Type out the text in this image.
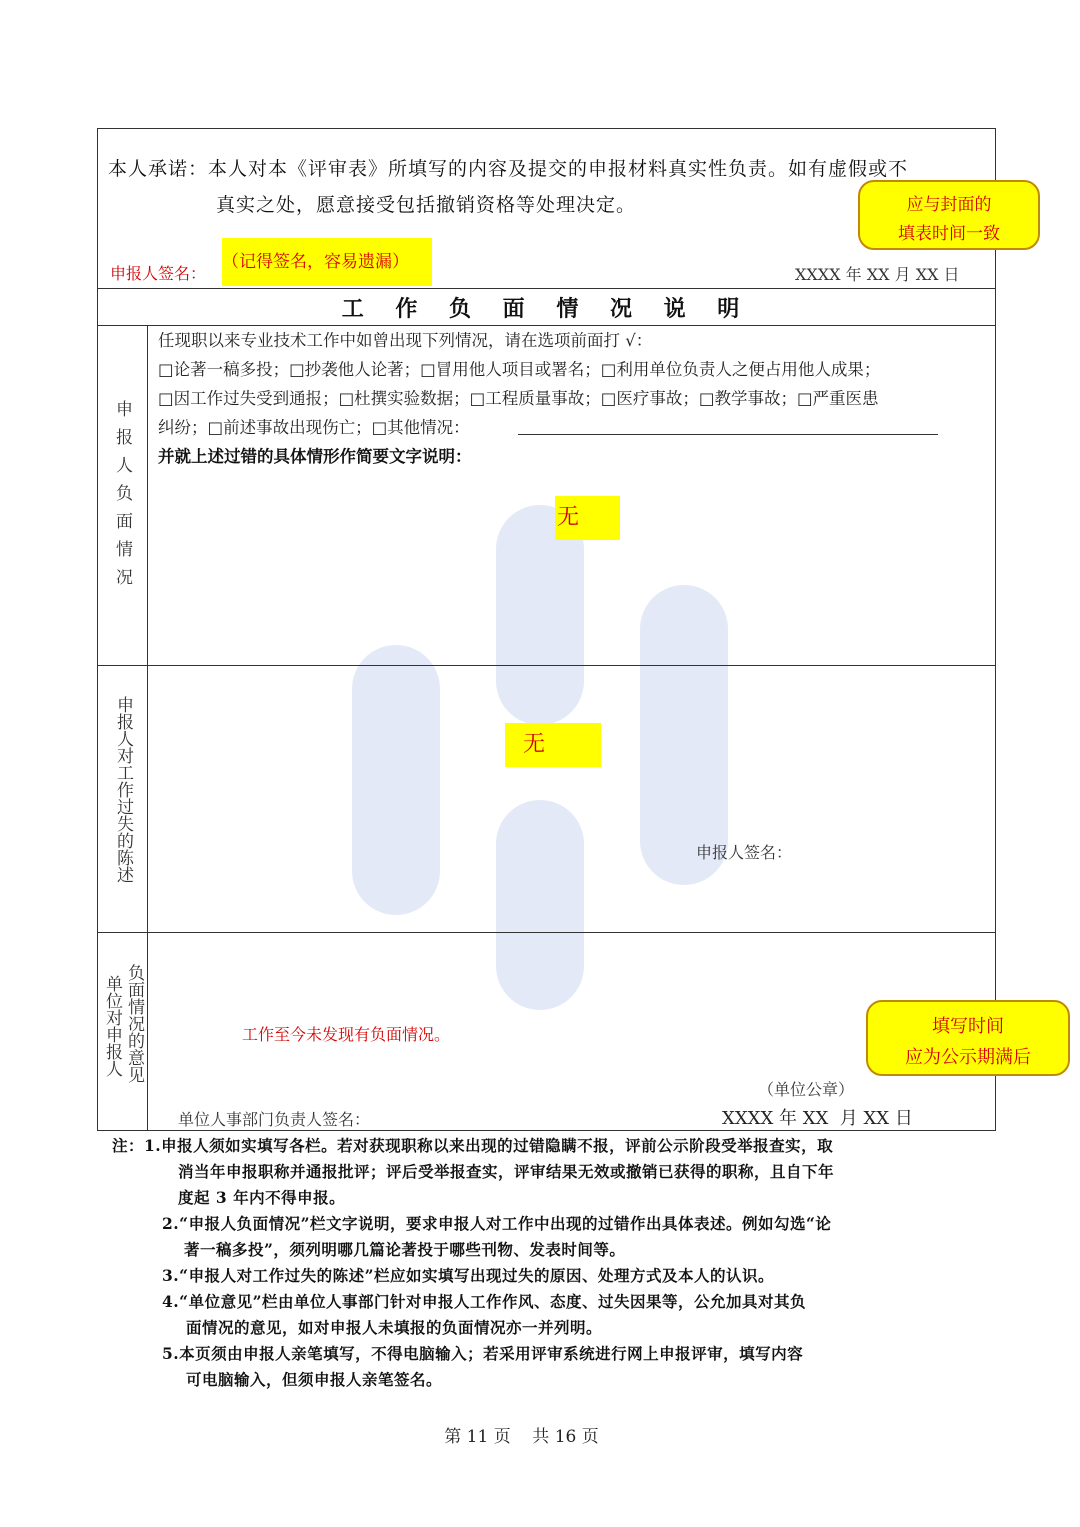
本人承诺：本人对本《评审表》所填写的内容及提交的申报材料真实性负责。如有虚假或不
真实之处，愿意接受包括撤销资格等处理决定。
申报人签名：
（记得签名，容易遗漏）
XXXX 年 XX 月 XX 日
应与封面的
填表时间一致
工 作 负 面 情 况 说 明
申报人负面情况
任现职以来专业技术工作中如曾出现下列情况，请在选项前面打 √：
□论著一稿多投；□抄袭他人论著；□冒用他人项目或署名；□利用单位负责人之便占用他人成果；
□因工作过失受到通报；□杜撰实验数据；□工程质量事故；□医疗事故；□教学事故；□严重医患
纠纷；□前述事故出现伤亡；□其他情况：
并就上述过错的具体情形作简要文字说明：
无
申报人对工作过失的陈述	无
申报人签名：
单位对申报人 负面情况的意见	工作至今未发现有负面情况。
（单位公章）
单位人事部门负责人签名：	XXXX 年 XX  月 XX 日
填写时间
应为公示期满后
注：1.申报人须如实填写各栏。若对获现职称以来出现的过错隐瞒不报，评前公示阶段受举报查实，取
消当年申报职称并通报批评；评后受举报查实，评审结果无效或撤销已获得的职称，且自下年
度起 3 年内不得申报。
2.“申报人负面情况”栏文字说明，要求申报人对工作中出现的过错作出具体表述。例如勾选“论
著一稿多投”，须列明哪几篇论著投于哪些刊物、发表时间等。
3.“申报人对工作过失的陈述”栏应如实填写出现过失的原因、处理方式及本人的认识。
4.“单位意见”栏由单位人事部门针对申报人工作作风、态度、过失因果等，公允加具对其负
面情况的意见，如对申报人未填报的负面情况亦一并列明。
5.本页须由申报人亲笔填写，不得电脑输入；若采用评审系统进行网上申报评审，填写内容
可电脑输入，但须申报人亲笔签名。
第 11 页    共 16 页
